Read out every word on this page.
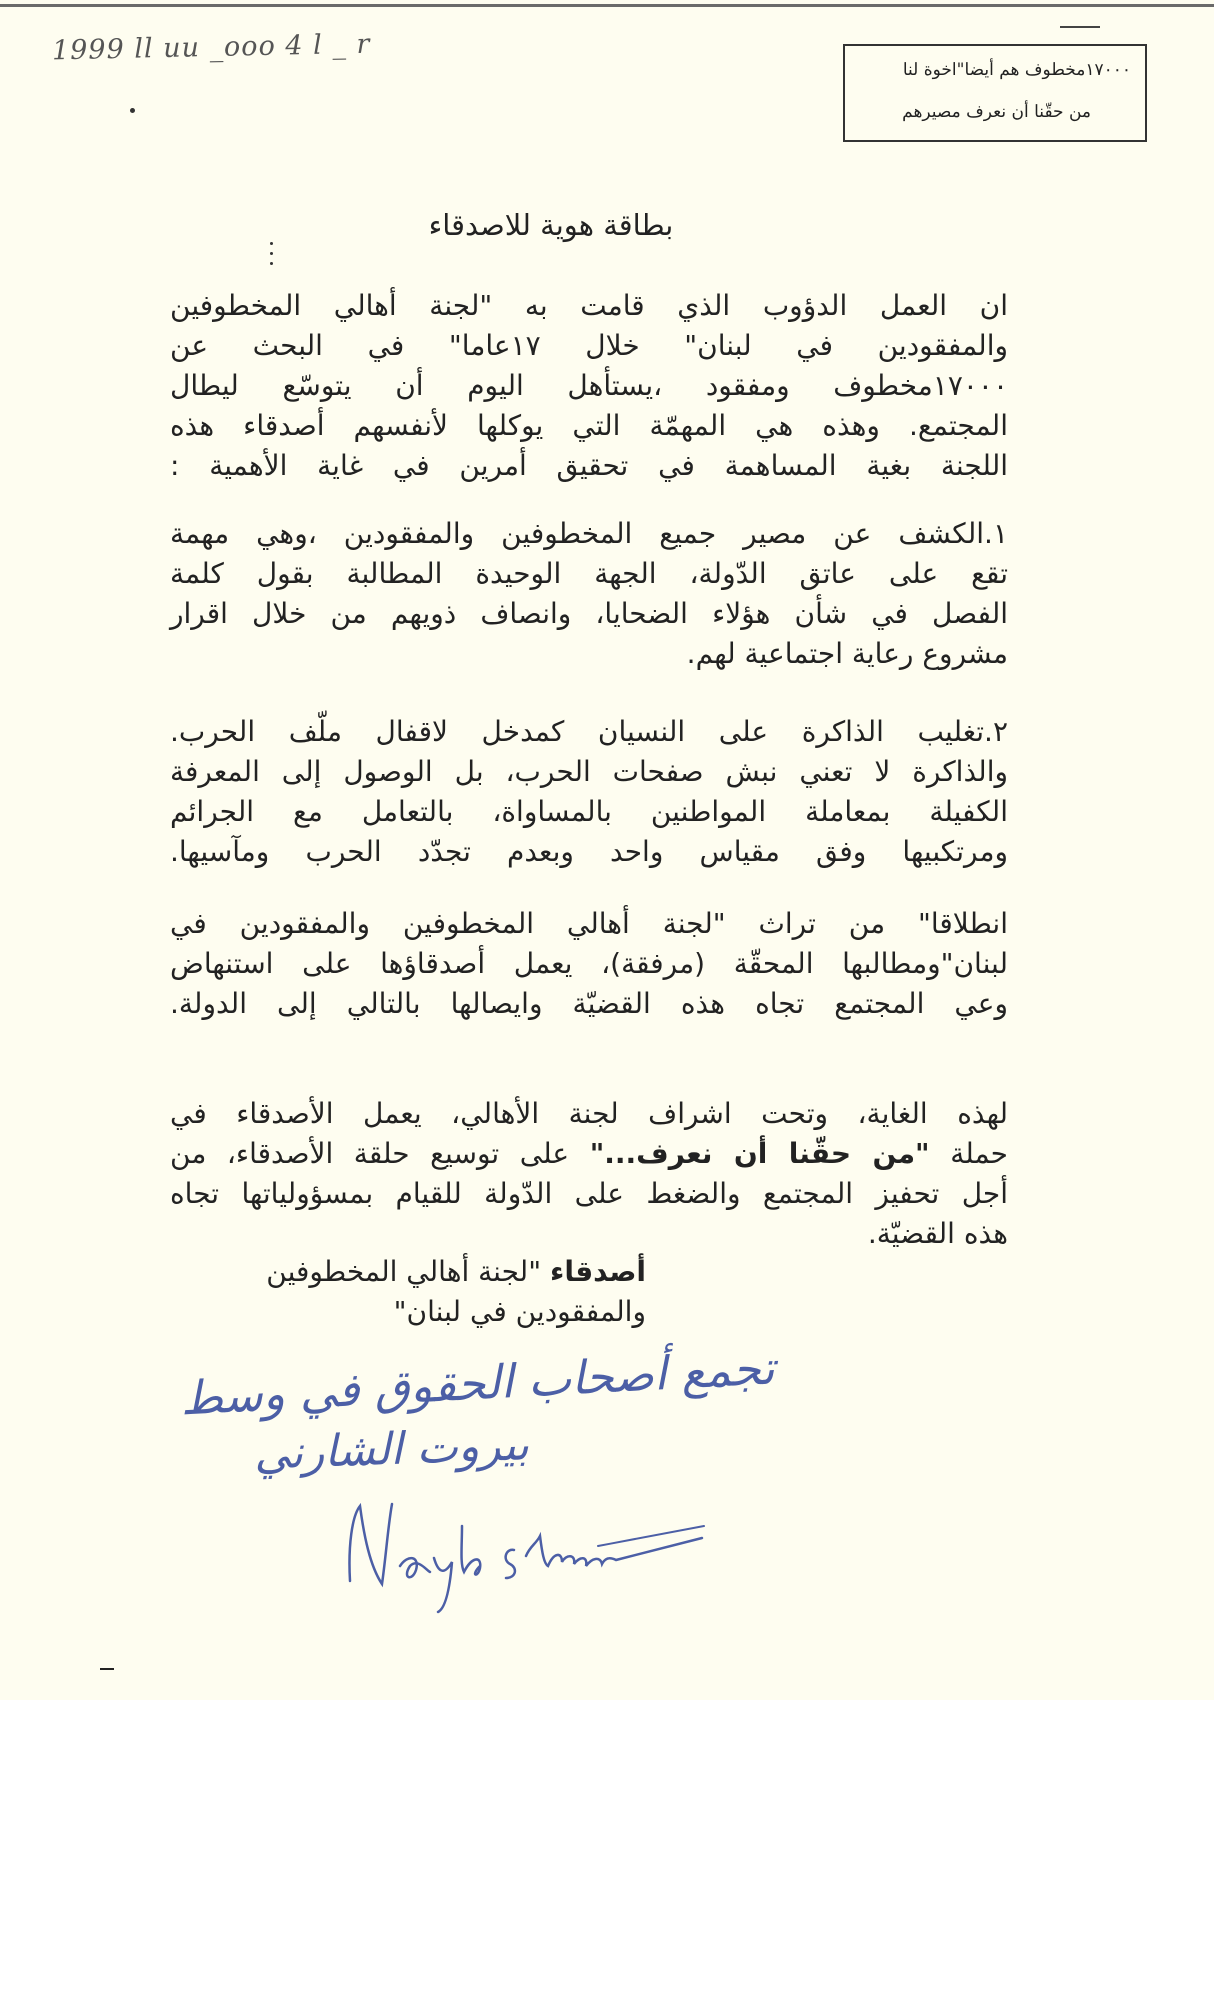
1999 ll uu _ooo 4 l _ r
١٧٠٠٠مخطوف هم أيضا"اخوة لنا
من حقّنا أن نعرف مصيرهم
بطاقة هوية للاصدقاء
ان العمل الدؤوب الذي قامت به "لجنة أهالي المخطوفين
والمفقودين في لبنان" خلال ١٧عاما" في البحث عن
١٧٠٠٠مخطوف ومفقود ،يستأهل اليوم أن يتوسّع ليطال
المجتمع. وهذه هي المهمّة التي يوكلها لأنفسهم أصدقاء هذه
اللجنة بغية المساهمة في تحقيق أمرين في غاية الأهمية :
١.الكشف عن مصير جميع المخطوفين والمفقودين ،وهي مهمة
تقع على عاتق الدّولة، الجهة الوحيدة المطالبة بقول كلمة
الفصل في شأن هؤلاء الضحايا، وانصاف ذويهم من خلال اقرار
مشروع رعاية اجتماعية لهم.
٢.تغليب الذاكرة على النسيان كمدخل لاقفال ملّف الحرب.
والذاكرة لا تعني نبش صفحات الحرب، بل الوصول إلى المعرفة
الكفيلة بمعاملة المواطنين بالمساواة، بالتعامل مع الجرائم
ومرتكبيها وفق مقياس واحد وبعدم تجدّد الحرب ومآسيها.
انطلاقا" من تراث "لجنة أهالي المخطوفين والمفقودين في
لبنان"ومطالبها المحقّة (مرفقة)، يعمل أصدقاؤها على استنهاض
وعي المجتمع تجاه هذه القضيّة وايصالها بالتالي إلى الدولة.
لهذه الغاية، وتحت اشراف لجنة الأهالي، يعمل الأصدقاء في
حملة "من حقّنا أن نعرف..." على توسيع حلقة الأصدقاء، من
أجل تحفيز المجتمع والضغط على الدّولة للقيام بمسؤولياتها تجاه
هذه القضيّة.
أصدقاء "لجنة أهالي المخطوفين
والمفقودين في لبنان"
تجمع أصحاب الحقوق في وسط
بيروت الشارني
